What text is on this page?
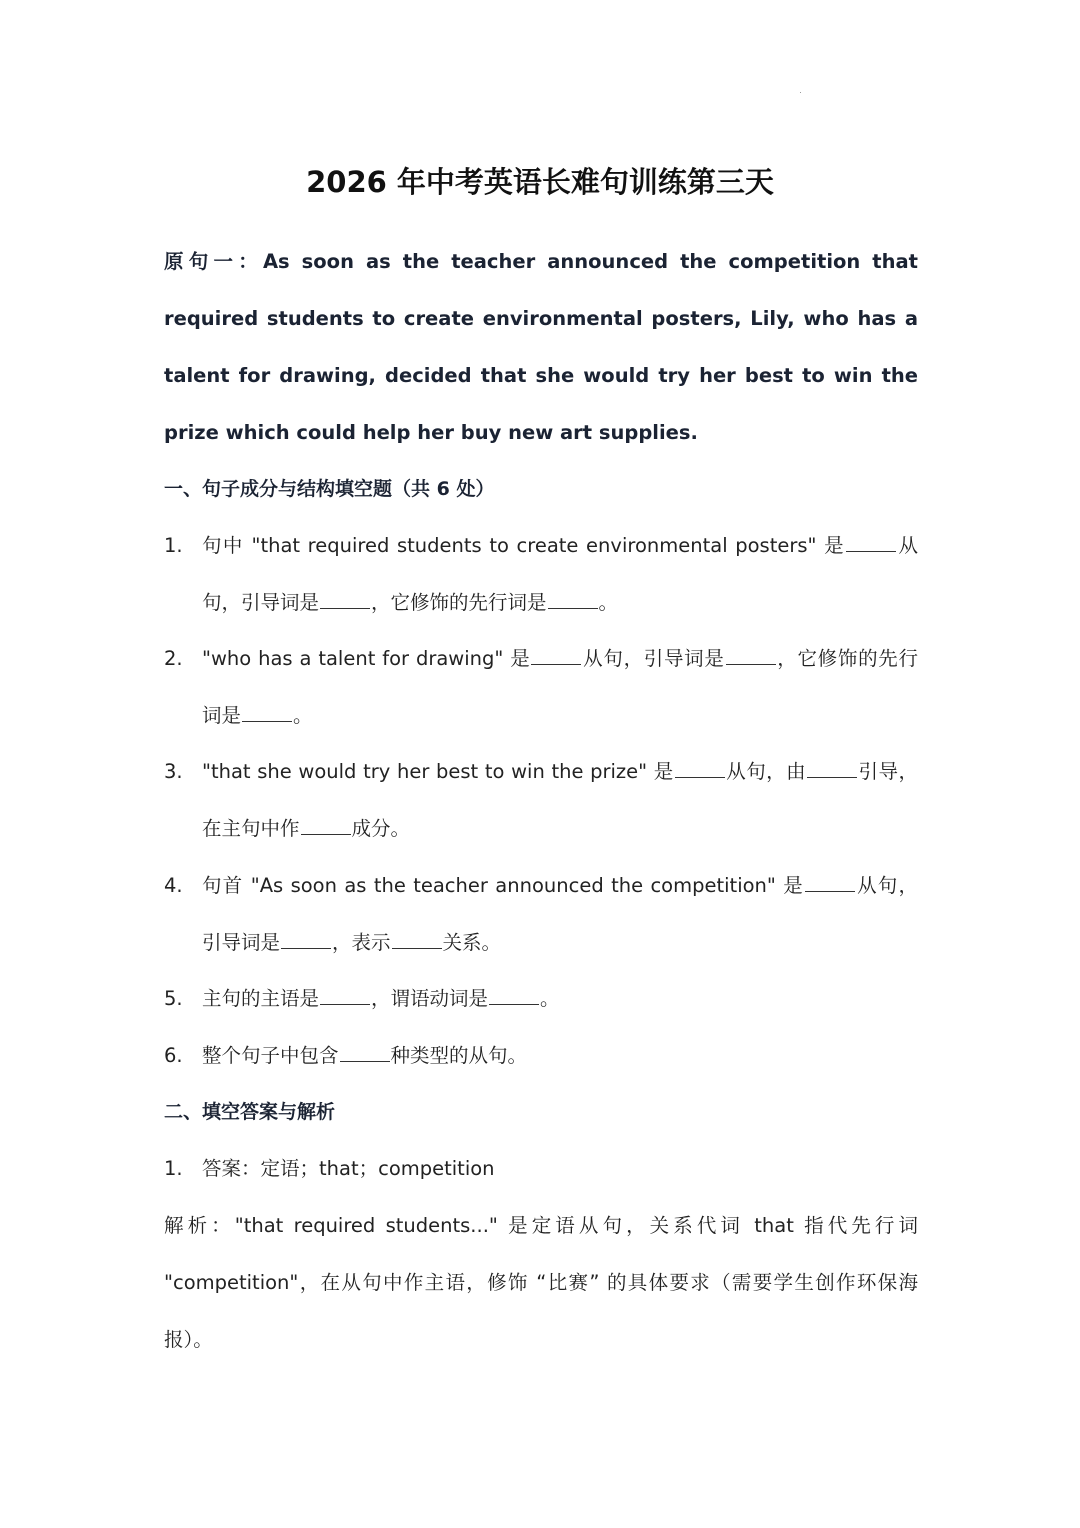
2026 年中考英语长难句训练第三天
原句一：As soon as the teacher announced the competition that required students to create environmental posters, Lily, who has a talent for drawing, decided that she would try her best to win the prize which could help her buy new art supplies.
一、句子成分与结构填空题（共 6 处）
1. 句中 "that required students to create environmental posters" 是	从句，引导词是	，它修饰的先行词是	。
2. "who has a talent for drawing" 是	从句，引导词是	，它修饰的先行词是	。
3. "that she would try her best to win the prize" 是	从句，由	引导，在主句中作	成分。
4. 句首 "As soon as the teacher announced the competition" 是	从句，引导词是	，表示	关系。
5. 主句的主语是	，谓语动词是	。
6. 整个句子中包含	种类型的从句。
二、填空答案与解析
1. 答案：定语；that；competition
解析："that required students..." 是定语从句，关系代词 that 指代先行词 "competition"，在从句中作主语，修饰 “比赛” 的具体要求（需要学生创作环保海报）。
